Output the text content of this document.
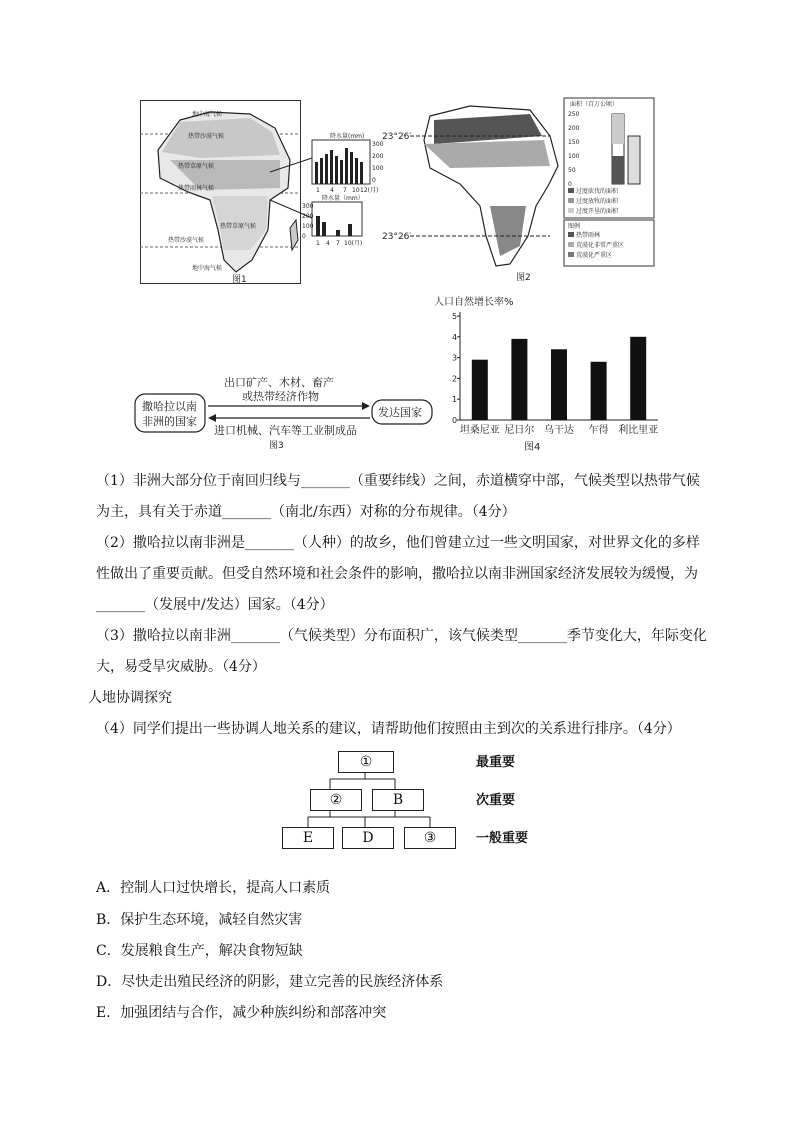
地中海气候
热带沙漠气候
热带草原气候
热带雨林气候
热带草原气候
热带沙漠气候
地中海气候
降水量(mm)
300
200
100
0
1 4 7 10 12(月)
降水量（mm）
300
200
100
0
1 4 7 10(月)
图1
23°26′
23°26′
图2
面积（百万公顷）
250
200
150
100
50
0
过度砍伐的面积
过度放牧的面积
过度开垦的面积
图例
热带雨林
荒漠化非常严重区
荒漠化严重区
撒哈拉以南
非洲的国家
发达国家
出口矿产、木材、畜产
或热带经济作物
进口机械、汽车等工业制成品
图3
人口自然增长率%
0
1
2
3
4
5
坦桑尼亚 尼日尔 乌干达 乍得 利比里亚
图4
（1）非洲大部分位于南回归线与_______（重要纬线）之间，赤道横穿中部，气候类型以热带气候为主，具有关于赤道_______（南北/东西）对称的分布规律。（4分）
（2）撒哈拉以南非洲是_______（人种）的故乡，他们曾建立过一些文明国家，对世界文化的多样性做出了重要贡献。但受自然环境和社会条件的影响，撒哈拉以南非洲国家经济发展较为缓慢，为_______（发展中/发达）国家。（4分）
（3）撒哈拉以南非洲_______（气候类型）分布面积广，该气候类型_______季节变化大，年际变化大，易受旱灾威胁。（4分）
人地协调探究
（4）同学们提出一些协调人地关系的建议，请帮助他们按照由主到次的关系进行排序。（4分）
①
②	B
E	D	③
最重要
次重要
一般重要
A．控制人口过快增长，提高人口素质
B．保护生态环境，减轻自然灾害
C．发展粮食生产，解决食物短缺
D．尽快走出殖民经济的阴影，建立完善的民族经济体系
E．加强团结与合作，减少种族纠纷和部落冲突
